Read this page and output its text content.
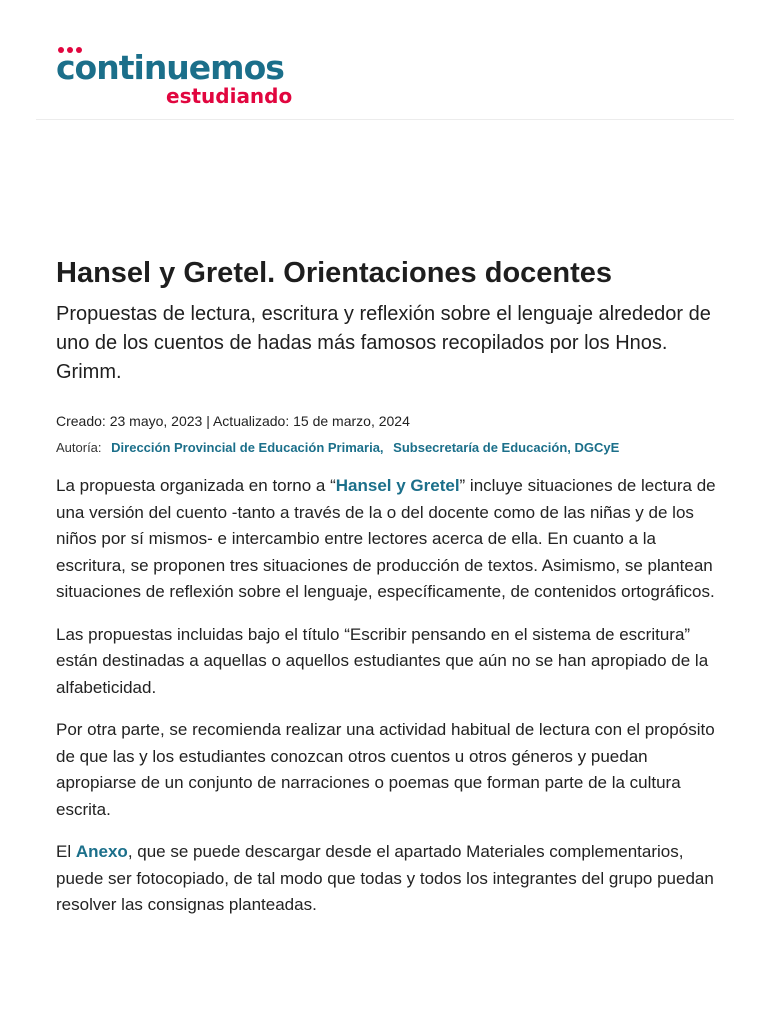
continuemos
estudiando
Hansel y Gretel. Orientaciones docentes

Propuestas de lectura, escritura y reflexión sobre el lenguaje alrededor de uno de los cuentos de hadas más famosos recopilados por los Hnos. Grimm.

Creado: 23 mayo, 2023 | Actualizado: 15 de marzo, 2024
Autoría: Dirección Provincial de Educación Primaria, Subsecretaría de Educación, DGCyE

La propuesta organizada en torno a “Hansel y Gretel” incluye situaciones de lectura de una versión del cuento -tanto a través de la o del docente como de las niñas y de los niños por sí mismos- e intercambio entre lectores acerca de ella. En cuanto a la escritura, se proponen tres situaciones de producción de textos. Asimismo, se plantean situaciones de reflexión sobre el lenguaje, específicamente, de contenidos ortográficos.

Las propuestas incluidas bajo el título “Escribir pensando en el sistema de escritura” están destinadas a aquellas o aquellos estudiantes que aún no se han apropiado de la alfabeticidad.

Por otra parte, se recomienda realizar una actividad habitual de lectura con el propósito de que las y los estudiantes conozcan otros cuentos u otros géneros y puedan apropiarse de un conjunto de narraciones o poemas que forman parte de la cultura escrita.

El Anexo, que se puede descargar desde el apartado Materiales complementarios, puede ser fotocopiado, de tal modo que todas y todos los integrantes del grupo puedan resolver las consignas planteadas.
